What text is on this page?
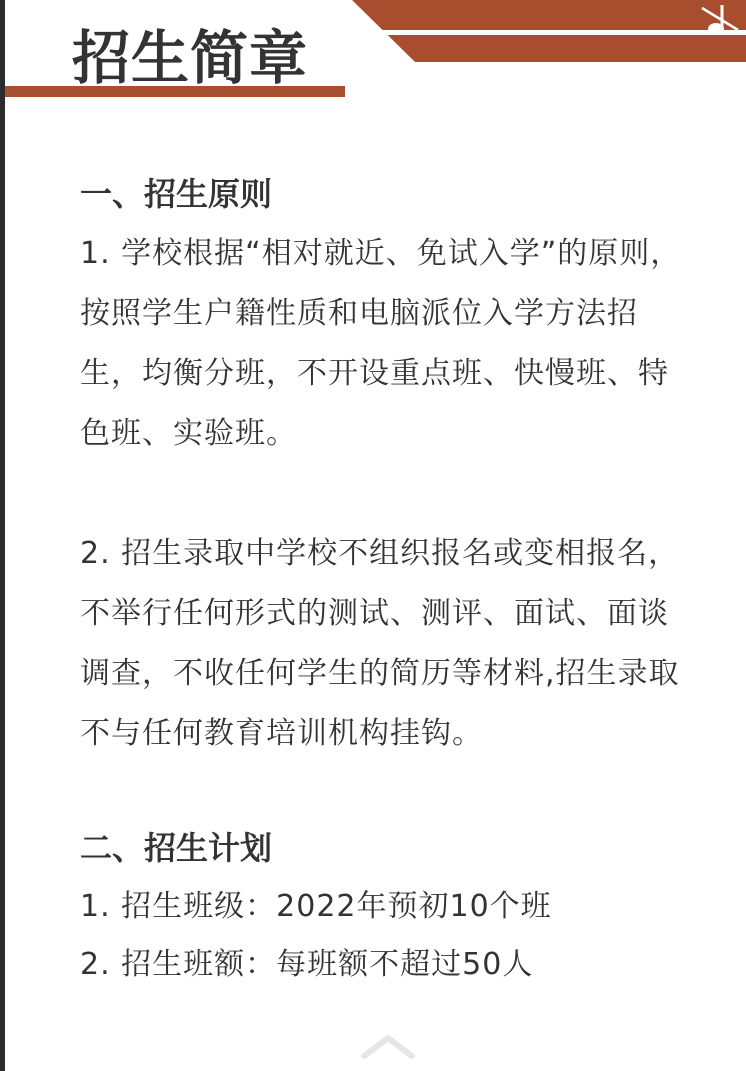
招生简章
一、招生原则

1. 学校根据“相对就近、免试入学”的原则，按照学生户籍性质和电脑派位入学方法招生，均衡分班，不开设重点班、快慢班、特色班、实验班。

2. 招生录取中学校不组织报名或变相报名，不举行任何形式的测试、测评、面试、面谈调查，不收任何学生的简历等材料,招生录取不与任何教育培训机构挂钩。

二、招生计划

1. 招生班级：2022年预初10个班

2. 招生班额：每班额不超过50人
